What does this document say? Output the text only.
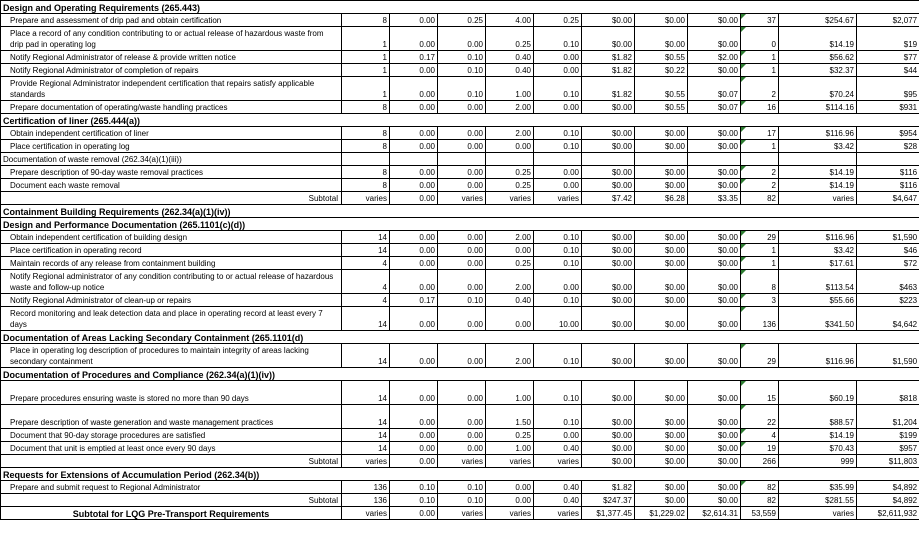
Design and Operating Requirements (265.443)											
Prepare and assessment of drip pad and obtain certification	8	0.00	0.25	4.00	0.25	$0.00	$0.00	$0.00	37	$254.67	$2,077
Place a record of any condition contributing to or actual release of hazardous waste from drip pad in operating log	1	0.00	0.00	0.25	0.10	$0.00	$0.00	$0.00	0	$14.19	$19
Notify Regional Administrator of release & provide written notice	1	0.17	0.10	0.40	0.00	$1.82	$0.55	$2.00	1	$56.62	$77
Notify Regional Administrator of completion of repairs	1	0.00	0.10	0.40	0.00	$1.82	$0.22	$0.00	1	$32.37	$44
Provide Regional Administrator independent certification that repairs satisfy applicable standards	1	0.00	0.10	1.00	0.10	$1.82	$0.55	$0.07	2	$70.24	$95
Prepare documentation of operating/waste handling practices	8	0.00	0.00	2.00	0.00	$0.00	$0.55	$0.07	16	$114.16	$931
Certification of liner (265.444(a))											
Obtain independent certification of liner	8	0.00	0.00	2.00	0.10	$0.00	$0.00	$0.00	17	$116.96	$954
Place certification in operating log	8	0.00	0.00	0.00	0.10	$0.00	$0.00	$0.00	1	$3.42	$28
Documentation of waste removal (262.34(a)(1)(iii))											
Prepare description of 90-day waste removal practices	8	0.00	0.00	0.25	0.00	$0.00	$0.00	$0.00	2	$14.19	$116
Document each waste removal	8	0.00	0.00	0.25	0.00	$0.00	$0.00	$0.00	2	$14.19	$116
Subtotal	varies	0.00	varies	varies	varies	$7.42	$6.28	$3.35	82	varies	$4,647
Containment Building Requirements (262.34(a)(1)(iv))											
Design and Performance Documentation (265.1101(c)(d))											
Obtain independent certification of building design	14	0.00	0.00	2.00	0.10	$0.00	$0.00	$0.00	29	$116.96	$1,590
Place certification in operating record	14	0.00	0.00	0.00	0.10	$0.00	$0.00	$0.00	1	$3.42	$46
Maintain records of any release from containment building	4	0.00	0.00	0.25	0.10	$0.00	$0.00	$0.00	1	$17.61	$72
Notify Regional administrator of any condition contributing to or actual release of hazardous waste and follow-up notice	4	0.00	0.00	2.00	0.00	$0.00	$0.00	$0.00	8	$113.54	$463
Notify Regional Administrator of clean-up or repairs	4	0.17	0.10	0.40	0.10	$0.00	$0.00	$0.00	3	$55.66	$223
Record monitoring and leak detection data and place in operating record at least every 7 days	14	0.00	0.00	0.00	10.00	$0.00	$0.00	$0.00	136	$341.50	$4,642
Documentation of Areas Lacking Secondary Containment (265.1101(d)											
Place in operating log description of procedures to maintain integrity of areas lacking secondary containment	14	0.00	0.00	2.00	0.10	$0.00	$0.00	$0.00	29	$116.96	$1,590
Documentation of Procedures and Compliance (262.34(a)(1)(iv))											
Prepare procedures ensuring waste is stored no more than 90 days	14	0.00	0.00	1.00	0.10	$0.00	$0.00	$0.00	15	$60.19	$818
Prepare description of waste generation and waste management practices	14	0.00	0.00	1.50	0.10	$0.00	$0.00	$0.00	22	$88.57	$1,204
Document that 90-day storage procedures are satisfied	14	0.00	0.00	0.25	0.00	$0.00	$0.00	$0.00	4	$14.19	$199
Document that unit is emptied at least once every 90 days	14	0.00	0.00	1.00	0.40	$0.00	$0.00	$0.00	19	$70.43	$957
Subtotal	varies	0.00	varies	varies	varies	$0.00	$0.00	$0.00	266	999	$11,803
Requests for Extensions of Accumulation Period (262.34(b))											
Prepare and submit request to Regional Administrator	136	0.10	0.10	0.00	0.40	$1.82	$0.00	$0.00	82	$35.99	$4,892
Subtotal	136	0.10	0.10	0.00	0.40	$247.37	$0.00	$0.00	82	$281.55	$4,892
Subtotal for LQG Pre-Transport Requirements	varies	0.00	varies	varies	varies	$1,377.45	$1,229.02	$2,614.31	53,559	varies	$2,611,932
